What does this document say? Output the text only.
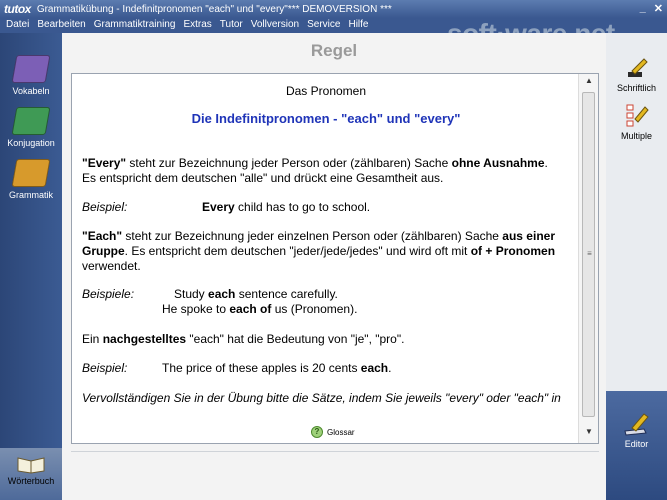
tutox Grammatikübung - Indefinitpronomen "each" und "every"*** DEMOVERSION ***	_ ✕
Datei Bearbeiten Grammatiktraining Extras Tutor Vollversion Service Hilfe
Vokabeln
Konjugation
Grammatik
Wörterbuch
Regel
Das Pronomen
Die Indefinitpronomen - "each" und "every"
"Every" steht zur Bezeichnung jeder Person oder (zählbaren) Sache ohne Ausnahme.
Es entspricht dem deutschen "alle" und drückt eine Gesamtheit aus.
Beispiel:	Every child has to go to school.
"Each" steht zur Bezeichnung jeder einzelnen Person oder (zählbaren) Sache aus einer
Gruppe. Es entspricht dem deutschen "jeder/jede/jedes" und wird oft mit of + Pronomen
verwendet.
Beispiele:	Study each sentence carefully.
He spoke to each of us (Pronomen).
Ein nachgestelltes "each" hat die Bedeutung von "je", "pro".
Beispiel:	The price of these apples is 20 cents each.
Vervollständigen Sie in der Übung bitte die Sätze, indem Sie jeweils "every" oder "each" in
▲
≡
▼
? Glossar
Schriftlich
Multiple
Editor
